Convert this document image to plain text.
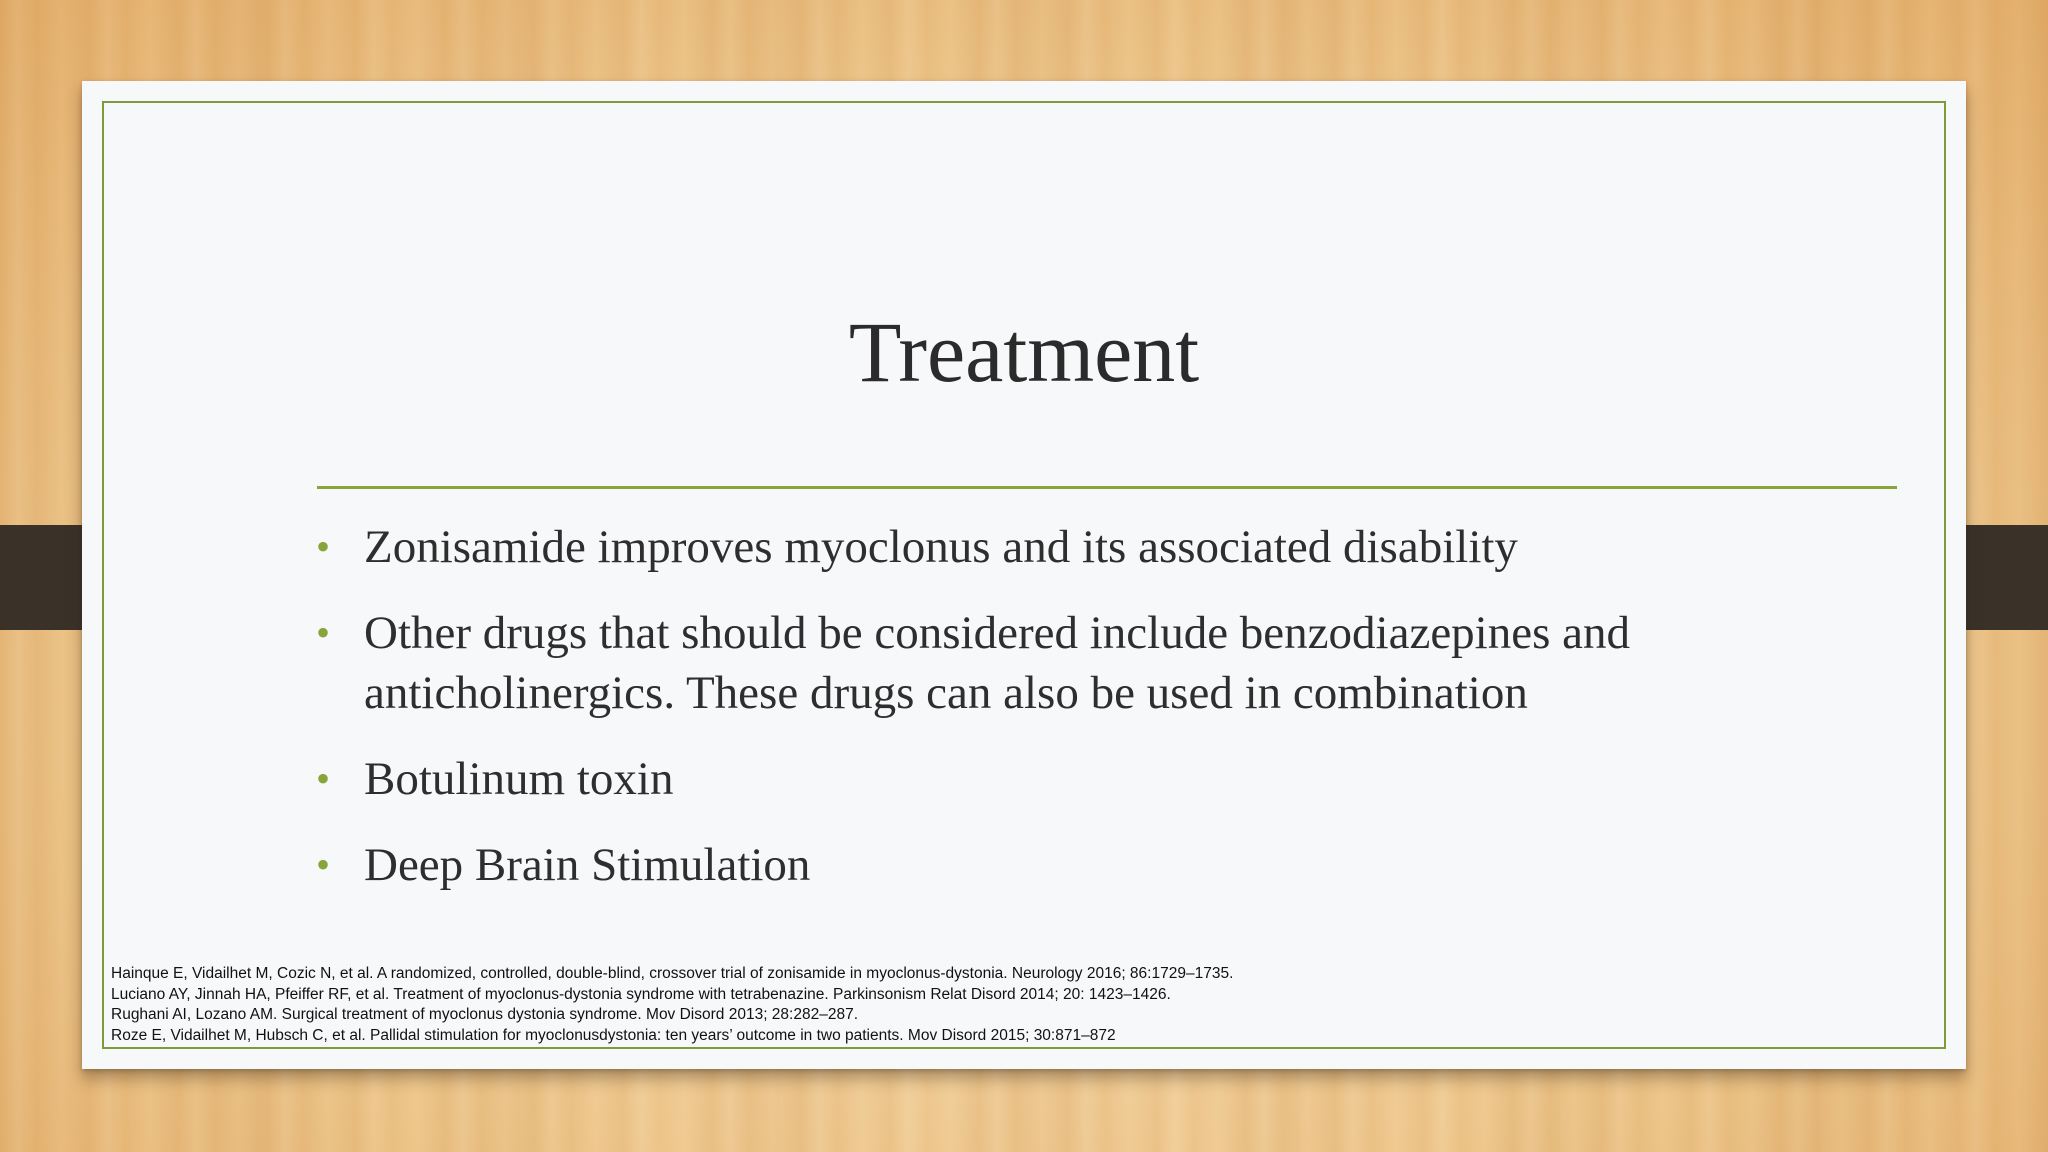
Treatment
• Zonisamide improves myoclonus and its associated disability
• Other drugs that should be considered include benzodiazepines and anticholinergics. These drugs can also be used in combination
• Botulinum toxin
• Deep Brain Stimulation
Hainque E, Vidailhet M, Cozic N, et al. A randomized, controlled, double-blind, crossover trial of zonisamide in myoclonus-dystonia. Neurology 2016; 86:1729–1735.
Luciano AY, Jinnah HA, Pfeiffer RF, et al. Treatment of myoclonus-dystonia syndrome with tetrabenazine. Parkinsonism Relat Disord 2014; 20: 1423–1426.
Rughani AI, Lozano AM. Surgical treatment of myoclonus dystonia syndrome. Mov Disord 2013; 28:282–287.
Roze E, Vidailhet M, Hubsch C, et al. Pallidal stimulation for myoclonusdystonia: ten years’ outcome in two patients. Mov Disord 2015; 30:871–872
